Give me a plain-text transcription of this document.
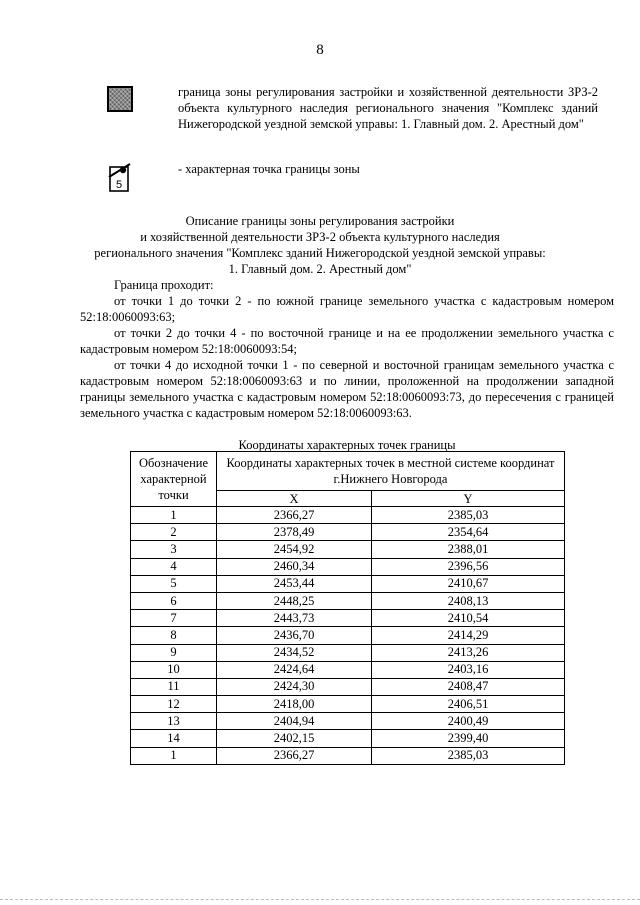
8
граница зоны регулирования застройки и хозяйственной деятельности ЗРЗ-2 объекта культурного наследия регионального значения "Комплекс зданий Нижегородской уездной земской управы: 1. Главный дом. 2. Арестный дом"
5
- характерная точка границы зоны
Описание границы зоны регулирования застройки
и хозяйственной деятельности ЗРЗ-2 объекта культурного наследия
регионального значения "Комплекс зданий Нижегородской уездной земской управы:
1. Главный дом. 2. Арестный дом"
Граница проходит:
от точки 1 до точки 2 - по южной границе земельного участка с кадастровым номером 52:18:0060093:63;
от точки 2 до точки 4 - по восточной границе и на ее продолжении земельного участка с кадастровым номером 52:18:0060093:54;
от точки 4 до исходной точки 1 - по северной и восточной границам земельного участка с кадастровым номером 52:18:0060093:63 и по линии, проложенной на продолжении западной границы земельного участка с кадастровым номером 52:18:0060093:73, до пересечения с границей земельного участка с кадастровым номером 52:18:0060093:63.
Координаты характерных точек границы
Обозначение характерной точки	Координаты характерных точек в местной системе координат г.Нижнего Новгорода	
	X	Y
1	2366,27	2385,03
2	2378,49	2354,64
3	2454,92	2388,01
4	2460,34	2396,56
5	2453,44	2410,67
6	2448,25	2408,13
7	2443,73	2410,54
8	2436,70	2414,29
9	2434,52	2413,26
10	2424,64	2403,16
11	2424,30	2408,47
12	2418,00	2406,51
13	2404,94	2400,49
14	2402,15	2399,40
1	2366,27	2385,03
